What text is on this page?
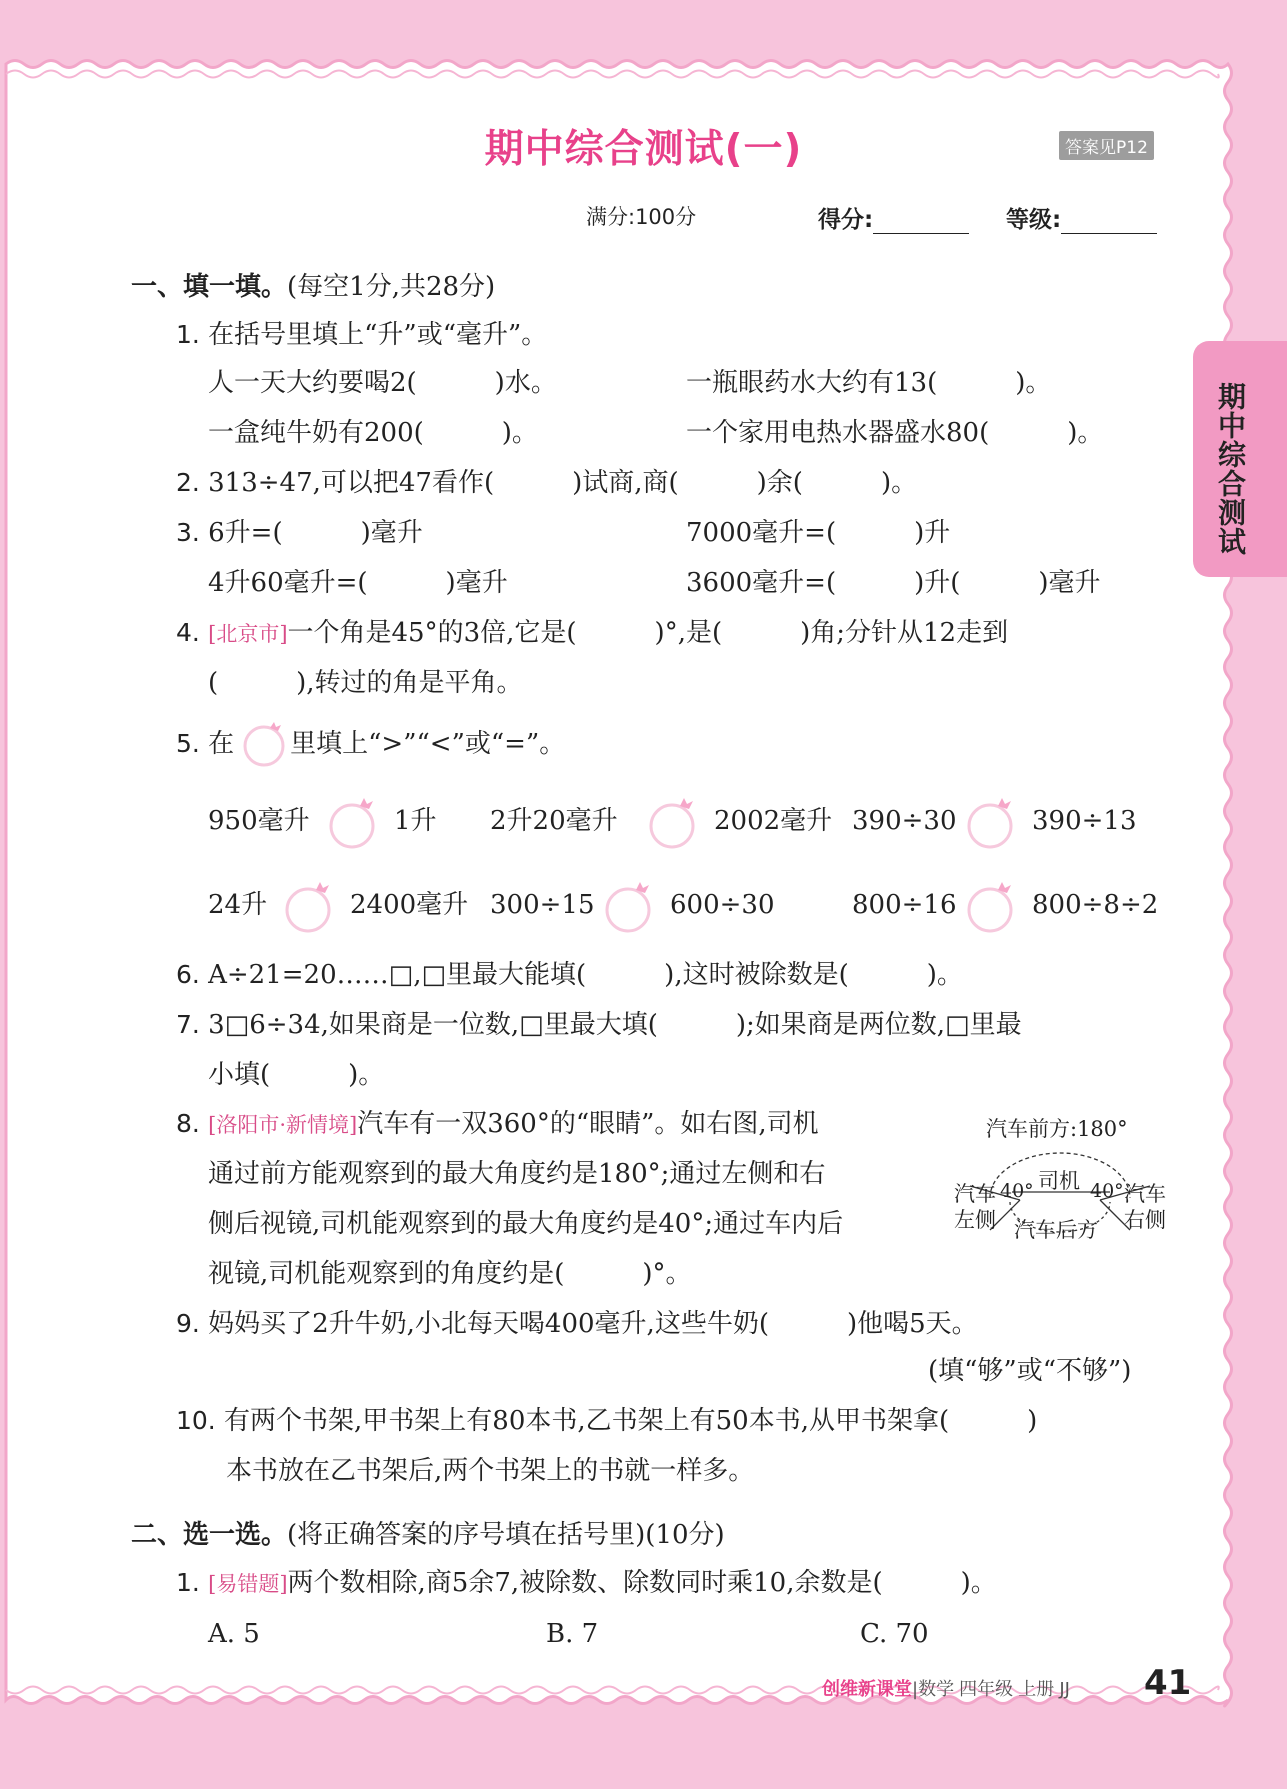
期中综合测试(一)	答案见P12
满分:100分	得分:	等级:
期中综合测试
一、填一填。(每空1分,共28分)
1. 在括号里填上“升”或“毫升”。
人一天大约要喝2(　　　)水。	一瓶眼药水大约有13(　　　)。
一盒纯牛奶有200(　　　)。	一个家用电热水器盛水80(　　　)。
2. 313÷47,可以把47看作(　　　)试商,商(　　　)余(　　　)。
3. 6升=(　　　)毫升	7000毫升=(　　　)升
4升60毫升=(　　　)毫升	3600毫升=(　　　)升(　　　)毫升
4. [北京市]一个角是45°的3倍,它是(　　　)°,是(　　　)角;分针从12走到
(　　　),转过的角是平角。
5. 在 里填上“>”“<”或“=”。
950毫升	1升 2升20毫升	2002毫升 390÷30	390÷13
24升	2400毫升 300÷15	600÷30	800÷16	800÷8÷2
6. A÷21=20……□,□里最大能填(　　　),这时被除数是(　　　)。
7. 3□6÷34,如果商是一位数,□里最大填(　　　);如果商是两位数,□里最
小填(　　　)。
8. [洛阳市·新情境]汽车有一双360°的“眼睛”。如右图,司机
通过前方能观察到的最大角度约是180°;通过左侧和右
侧后视镜,司机能观察到的最大角度约是40°;通过车内后
视镜,司机能观察到的角度约是(　　　)°。
汽车前方:180°
司机
40°	40°
汽车
左侧
汽车
右侧
汽车后方
9. 妈妈买了2升牛奶,小北每天喝400毫升,这些牛奶(　　　)他喝5天。
(填“够”或“不够”)
10. 有两个书架,甲书架上有80本书,乙书架上有50本书,从甲书架拿(　　　)
本书放在乙书架后,两个书架上的书就一样多。
二、选一选。(将正确答案的序号填在括号里)(10分)
1. [易错题]两个数相除,商5余7,被除数、除数同时乘10,余数是(　　　)。
A. 5	B. 7	C. 70
创维新课堂|数学 四年级 上册 JJ 41
